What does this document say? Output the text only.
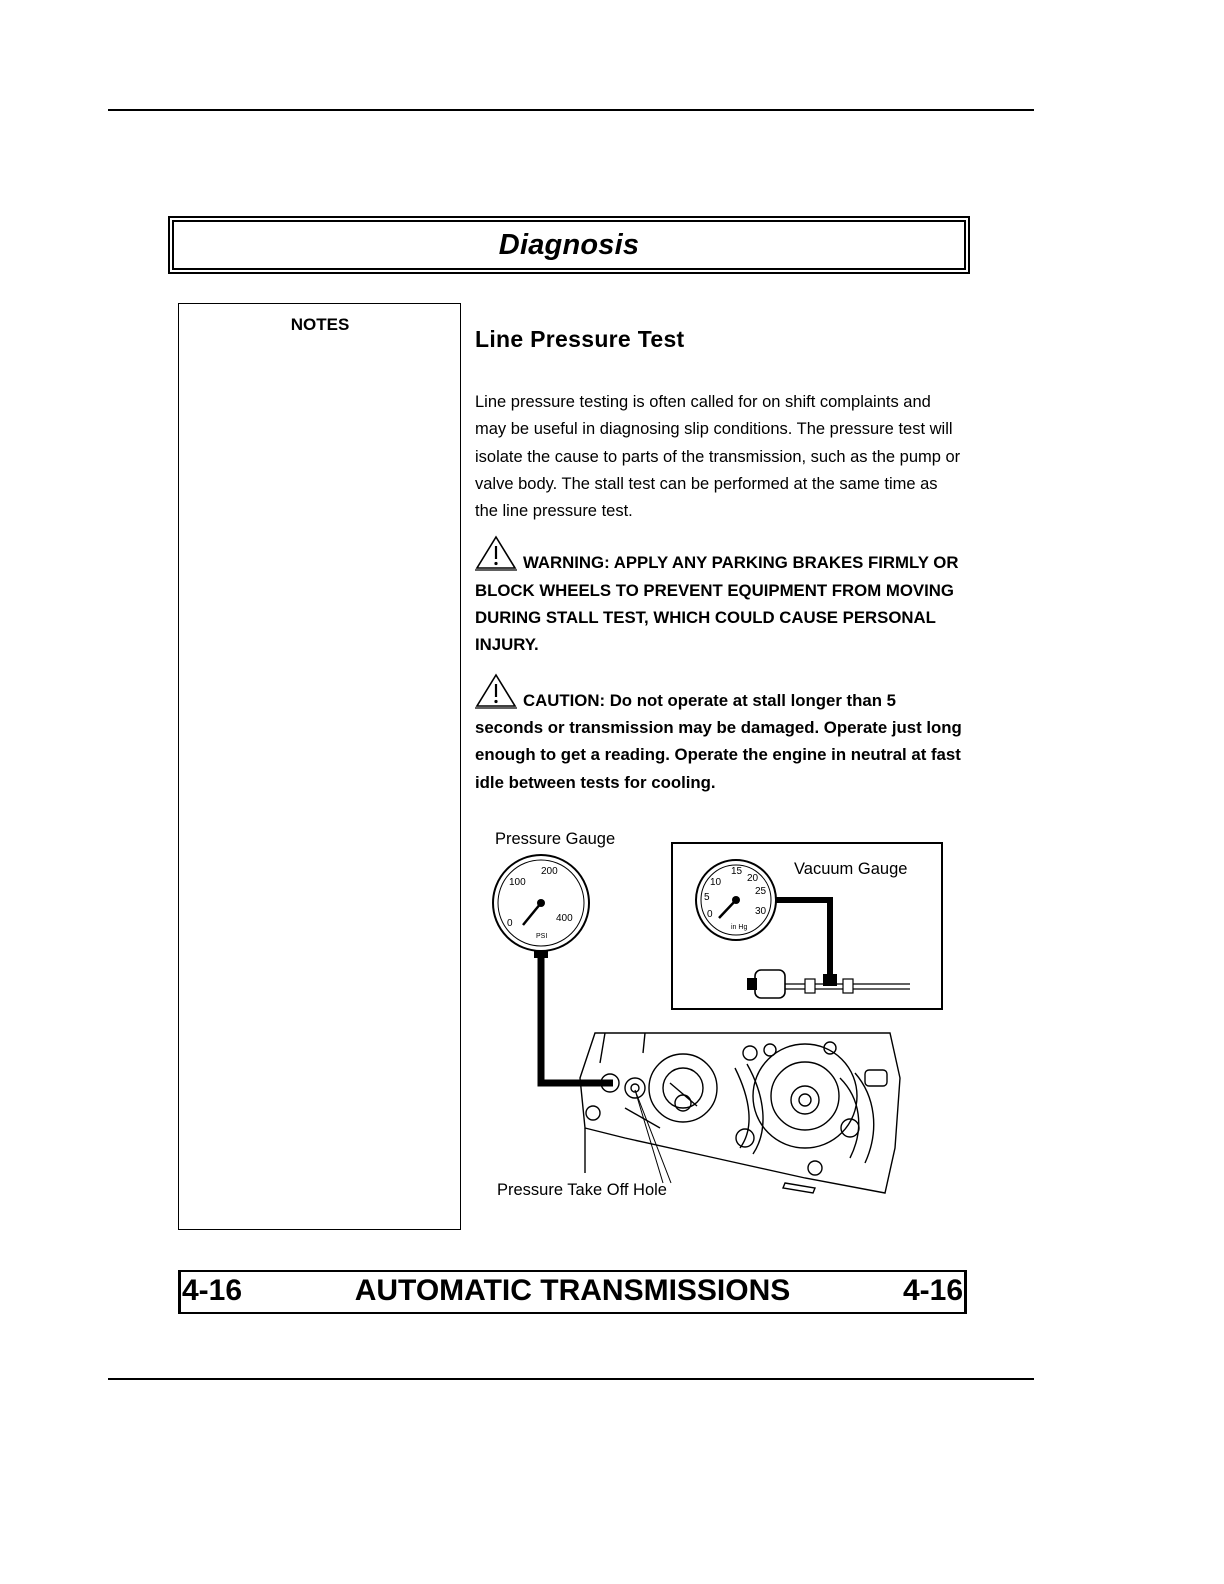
Diagnosis
NOTES
Line Pressure Test

Line pressure testing is often called for on shift complaints and may be useful in diagnosing slip conditions. The pressure test will isolate the cause to parts of the transmission, such as the pump or valve body. The stall test can be performed at the same time as the line pressure test.

WARNING: APPLY ANY PARKING BRAKES FIRMLY OR BLOCK WHEELS TO PREVENT EQUIPMENT FROM MOVING DURING STALL TEST, WHICH COULD CAUSE PERSONAL INJURY.
CAUTION: Do not operate at stall longer than 5 seconds or transmission may be damaged. Operate just long enough to get a reading. Operate the engine in neutral at fast idle between tests for cooling.
Pressure Gauge
Pressure Take Off Hole
0
100
200
400
PSI
0
5
10
15
20
25
30
in Hg
Vacuum Gauge
4-16	AUTOMATIC TRANSMISSIONS	4-16
